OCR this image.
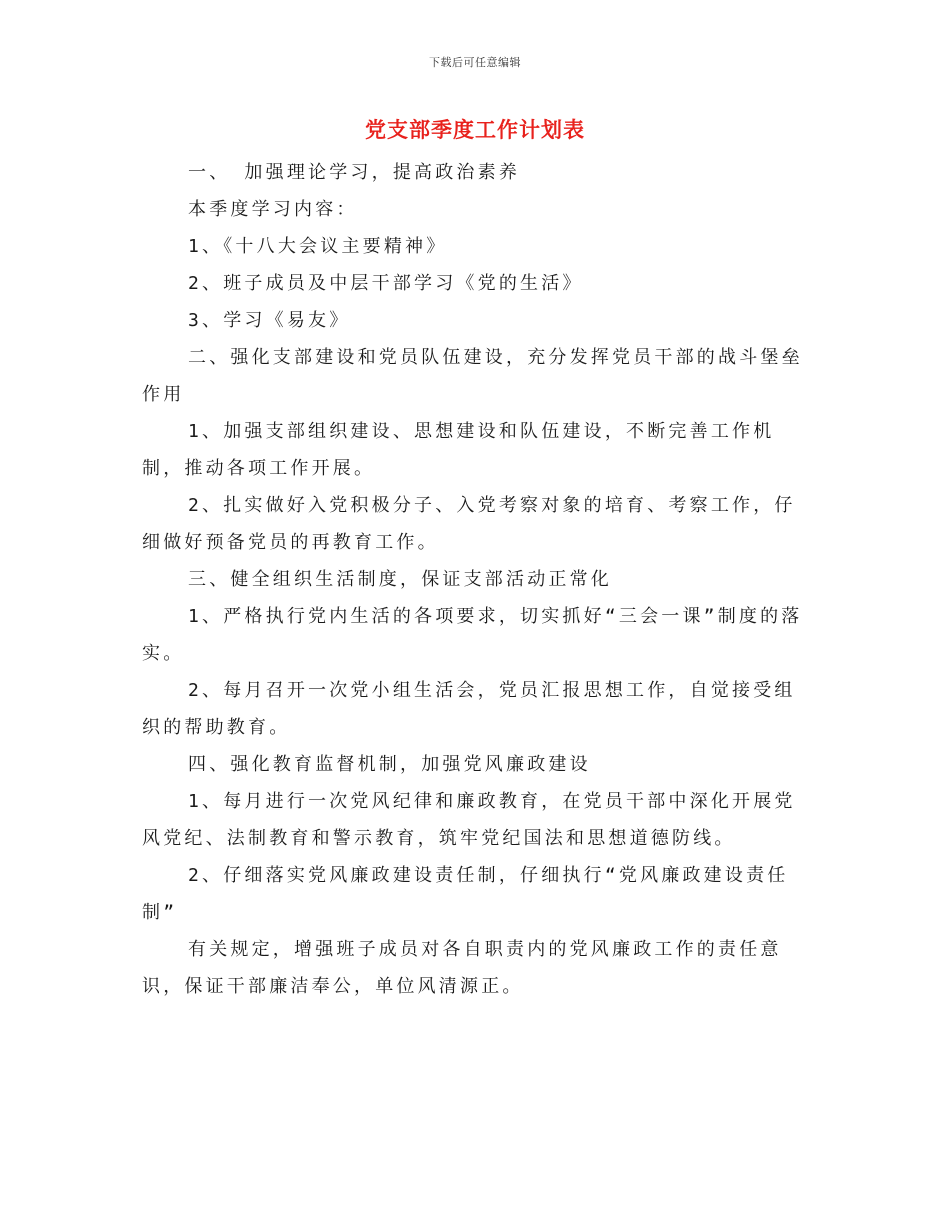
下载后可任意编辑
党支部季度工作计划表

一、 加强理论学习，提高政治素养

本季度学习内容：

1、《十八大会议主要精神》

2、班子成员及中层干部学习《党的生活》

3、学习《易友》

二、强化支部建设和党员队伍建设，充分发挥党员干部的战斗堡垒作用

1、加强支部组织建设、思想建设和队伍建设，不断完善工作机制，推动各项工作开展。

2、扎实做好入党积极分子、入党考察对象的培育、考察工作，仔细做好预备党员的再教育工作。

三、健全组织生活制度，保证支部活动正常化

1、严格执行党内生活的各项要求，切实抓好“三会一课”制度的落实。

2、每月召开一次党小组生活会，党员汇报思想工作，自觉接受组织的帮助教育。

四、强化教育监督机制，加强党风廉政建设

1、每月进行一次党风纪律和廉政教育，在党员干部中深化开展党风党纪、法制教育和警示教育，筑牢党纪国法和思想道德防线。

2、仔细落实党风廉政建设责任制，仔细执行“党风廉政建设责任制”

有关规定，增强班子成员对各自职责内的党风廉政工作的责任意识，保证干部廉洁奉公，单位风清源正。
